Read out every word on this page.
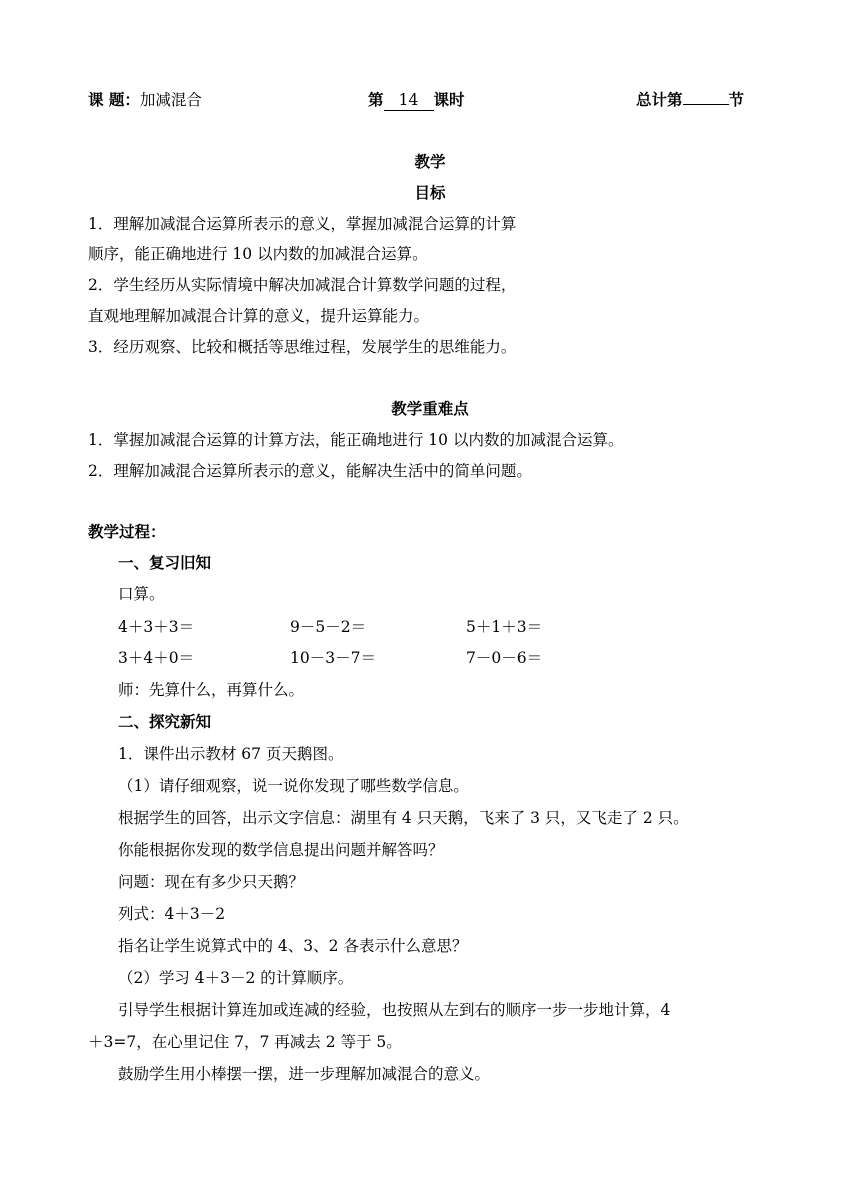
课 题：加减混合	第 14 课时	总计第	节
教学
目标
1．理解加减混合运算所表示的意义，掌握加减混合运算的计算
顺序，能正确地进行 10 以内数的加减混合运算。
2．学生经历从实际情境中解决加减混合计算数学问题的过程，
直观地理解加减混合计算的意义，提升运算能力。
3．经历观察、比较和概括等思维过程，发展学生的思维能力。
教学重难点
1．掌握加减混合运算的计算方法，能正确地进行 10 以内数的加减混合运算。
2．理解加减混合运算所表示的意义，能解决生活中的简单问题。
教学过程：
一、复习旧知
口算。
4＋3＋3＝	9－5－2＝	5＋1＋3＝
3＋4＋0＝	10－3－7＝	7－0－6＝
师：先算什么，再算什么。
二、探究新知
1．课件出示教材 67 页天鹅图。
（1）请仔细观察，说一说你发现了哪些数学信息。
根据学生的回答，出示文字信息：湖里有 4 只天鹅，飞来了 3 只，又飞走了 2 只。
你能根据你发现的数学信息提出问题并解答吗？
问题：现在有多少只天鹅？
列式：4＋3－2
指名让学生说算式中的 4、3、2 各表示什么意思？
（2）学习 4＋3－2 的计算顺序。
引导学生根据计算连加或连减的经验，也按照从左到右的顺序一步一步地计算，4
＋3=7，在心里记住 7，7 再减去 2 等于 5。
鼓励学生用小棒摆一摆，进一步理解加减混合的意义。
